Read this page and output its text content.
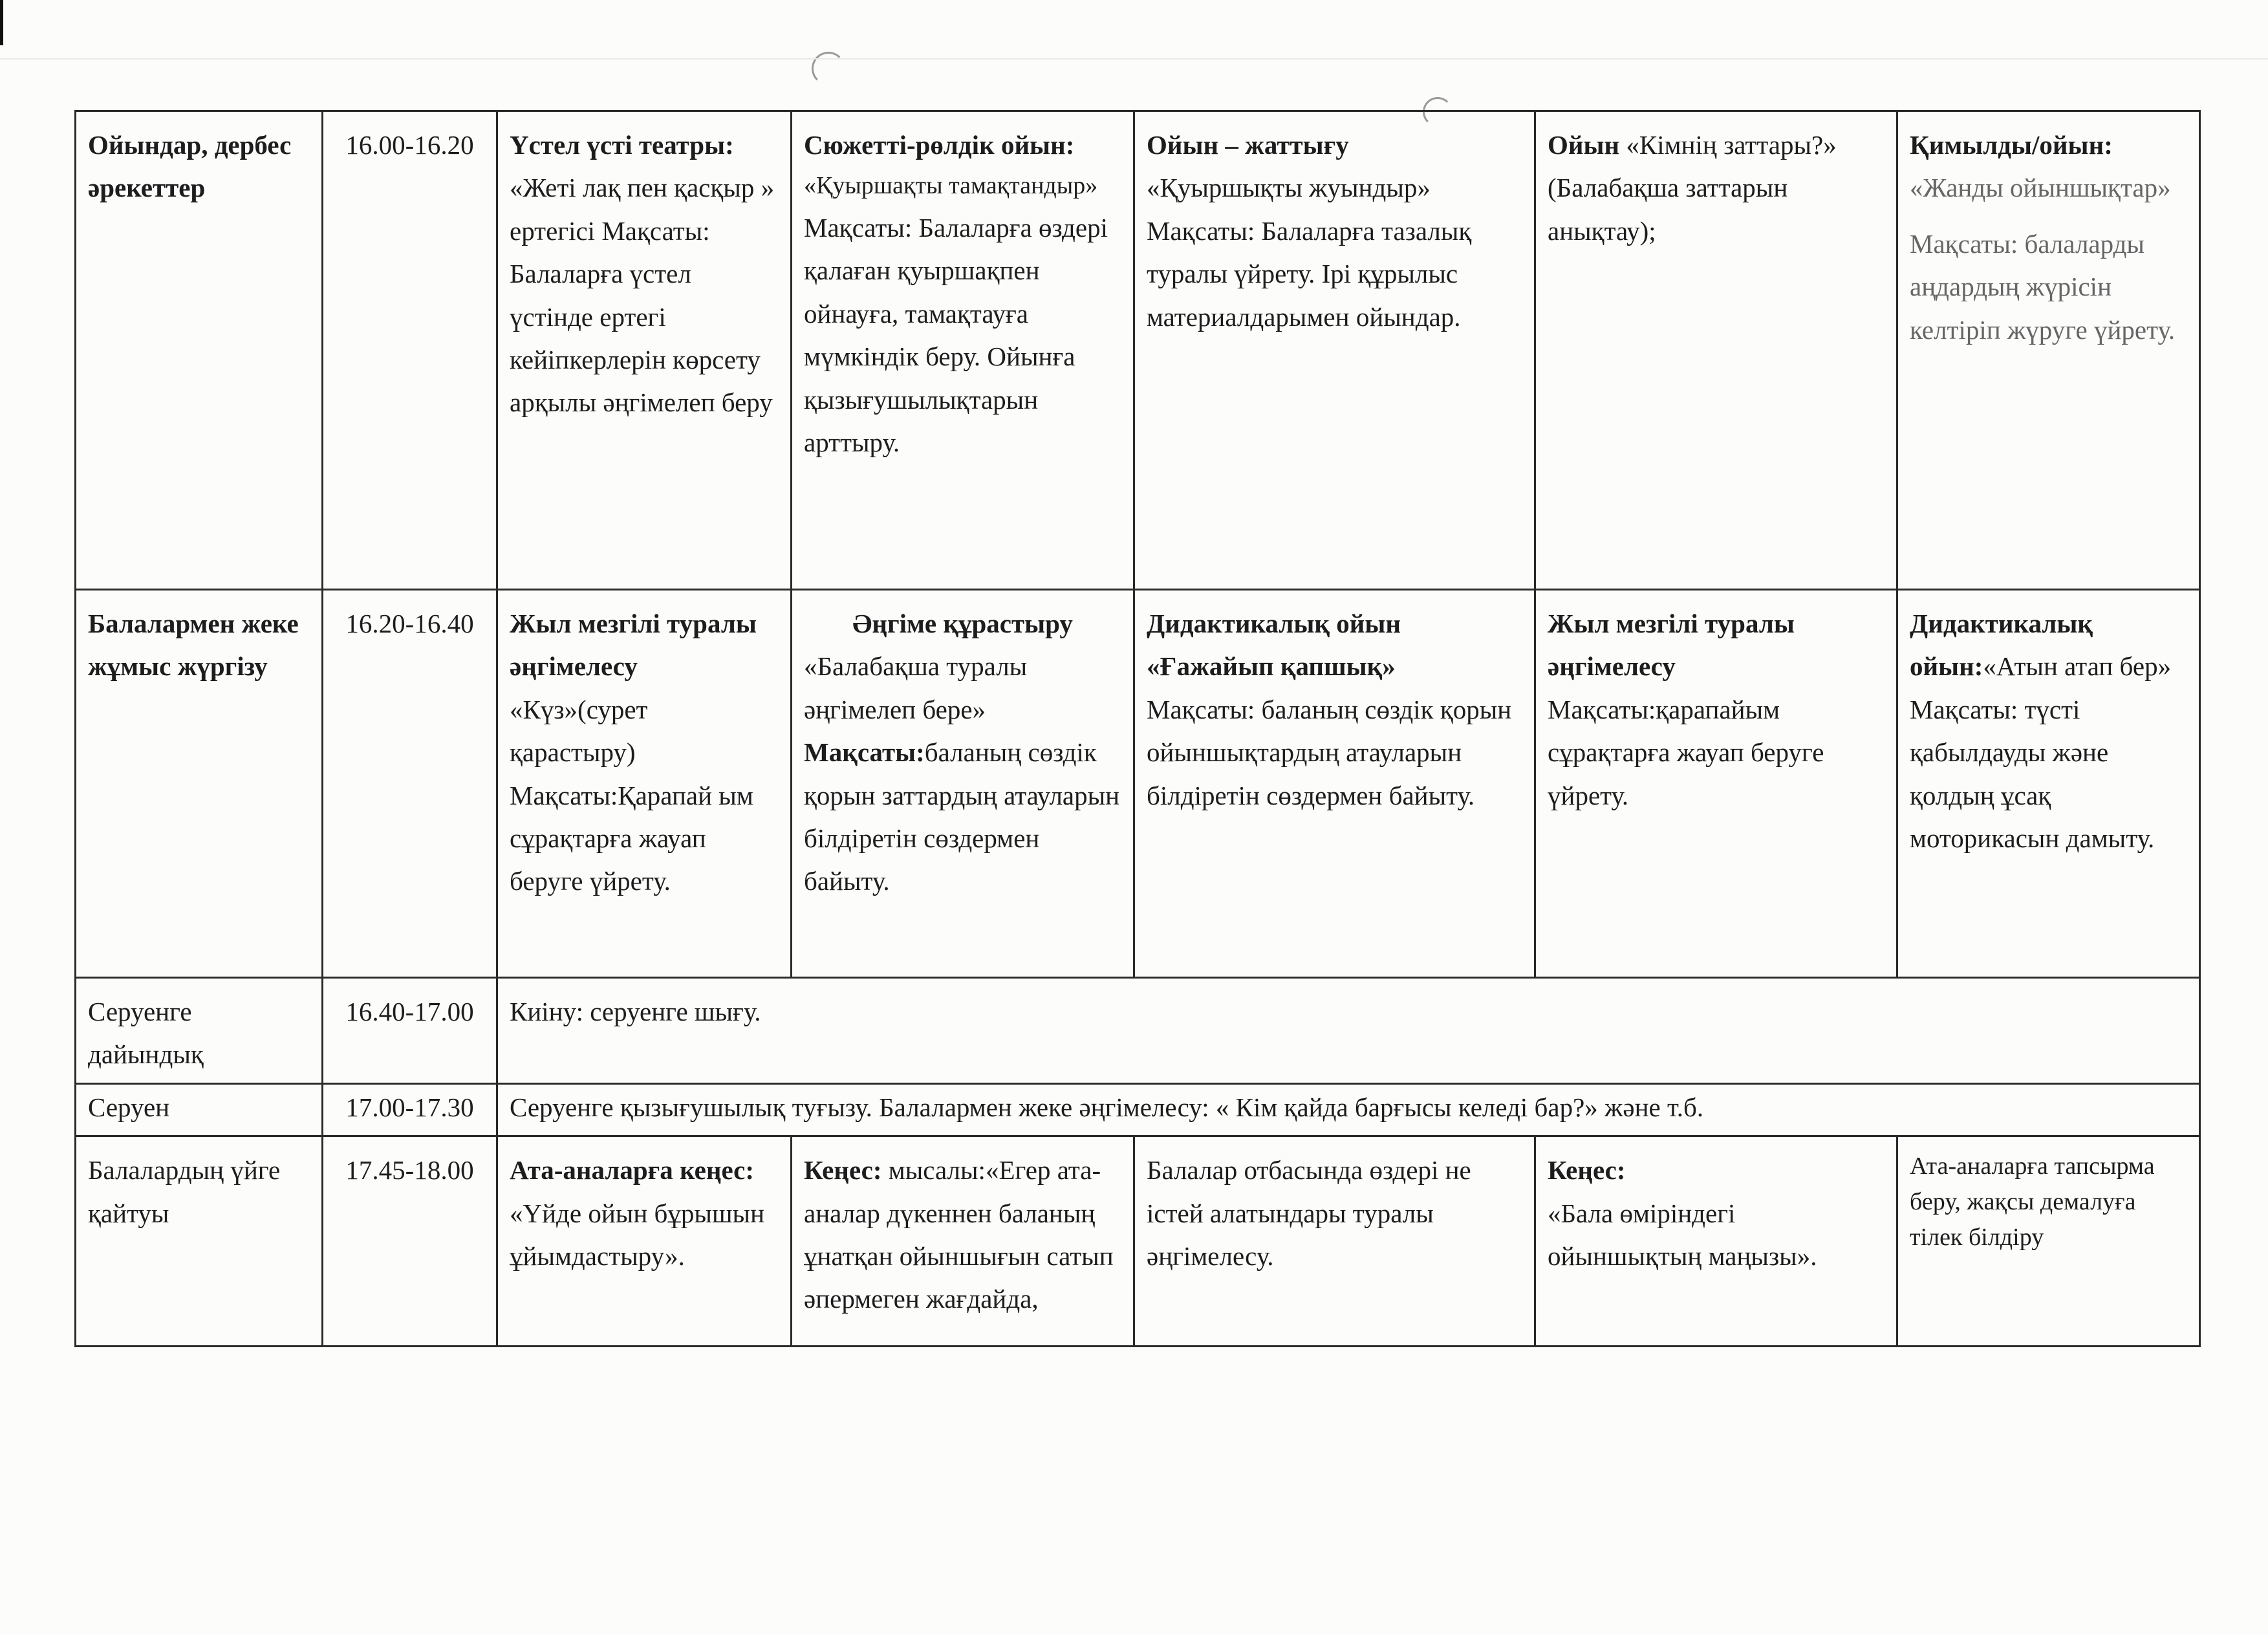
Ойындар, дербес әрекеттер	16.00-16.20	Үстел үсті театры:
«Жеті лақ пен қасқыр » ертегісі Мақсаты: Балаларға үстел үстінде ертегі кейіпкерлерін көрсету арқылы әңгімелеп беру	Сюжетті-рөлдік ойын:
«Қуыршақты тамақтандыр»
Мақсаты: Балаларға өздері қалаған қуыршақпен ойнауға, тамақтауға мүмкіндік беру. Ойынға қызығушылықтарын арттыру.	Ойын – жаттығу
«Қуыршықты жуындыр» Мақсаты: Балаларға тазалық туралы үйрету. Ірі құрылыс материалдарымен ойындар.	Ойын «Кімнің заттары?» (Балабақша заттарын анықтау);	Қимылды/ойын:
«Жанды ойыншықтар»
Мақсаты: балаларды аңдардың жүрісін келтіріп жүруге үйрету.

Балалармен жеке жұмыс жүргізу	16.20-16.40	Жыл мезгілі туралы әңгімелесу
«Күз»(сурет қарастыру) Мақсаты:Қарапай ым сұрақтарға жауап беруге үйрету.	Әңгіме құрастыру
«Балабақша туралы әңгімелеп бере»
Мақсаты:баланың сөздік қорын заттардың атауларын білдіретін сөздермен байыту.	Дидактикалық ойын «Ғажайып қапшық»
Мақсаты: баланың сөздік қорын ойыншықтардың атауларын білдіретін сөздермен байыту.	Жыл мезгілі туралы әңгімелесу
Мақсаты:қарапайым сұрақтарға жауап беруге үйрету.	Дидактикалық ойын:«Атын атап бер» Мақсаты: түсті қабылдауды және қолдың ұсақ моторикасын дамыту.
Серуенге дайындық	16.40-17.00	Киіну: серуенге шығу.				
Серуен	17.00-17.30	Серуенге қызығушылық туғызу. Балалармен жеке әңгімелесу: « Кім қайда барғысы келеді бар?» және т.б.				
Балалардың үйге қайтуы	17.45-18.00	Ата-аналарға кеңес:
«Үйде ойын бұрышын ұйымдастыру».	Кеңес: мысалы:«Егер ата-аналар дүкеннен баланың ұнатқан ойыншығын сатып әпермеген жағдайда,	Балалар отбасында өздері не істей алатындары туралы әңгімелесу.	Кеңес:
«Бала өміріндегі ойыншықтың маңызы».	Ата-аналарға тапсырма беру, жақсы демалуға тілек білдіру
